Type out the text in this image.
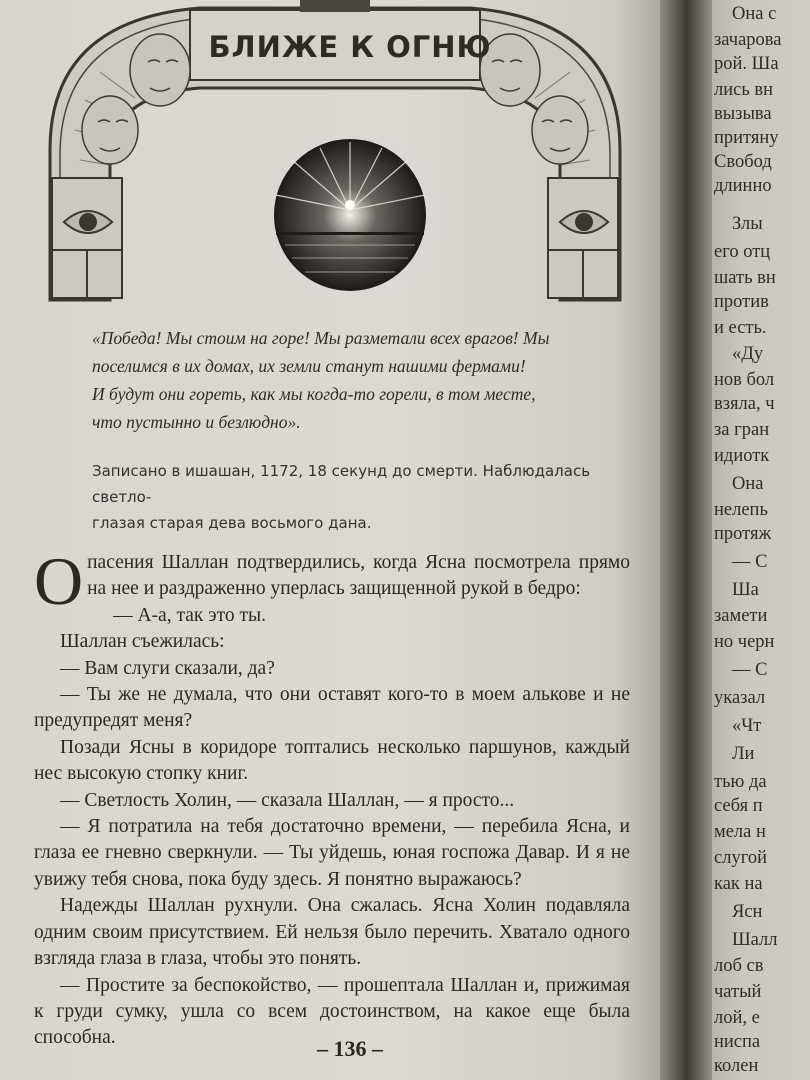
БЛИЖЕ К ОГНЮ
«Победа! Мы стоим на горе! Мы разметали всех врагов! Мы
поселимся в их домах, их земли станут нашими фермами!
И будут они гореть, как мы когда-то горели, в том месте,
что пустынно и безлюдно».
Записано в ишашан, 1172, 18 секунд до смерти. Наблюдалась светло-
глазая старая дева восьмого дана.

Опасения Шаллан подтвердились, когда Ясна посмотрела прямо на нее и раздраженно уперлась защищенной рукой в бедро:

— А-а, так это ты.

Шаллан съежилась:

— Вам слуги сказали, да?

— Ты же не думала, что они оставят кого-то в моем алькове и не предупредят меня?

Позади Ясны в коридоре топтались несколько паршунов, каждый нес высокую стопку книг.

— Светлость Холин, — сказала Шаллан, — я просто...

— Я потратила на тебя достаточно времени, — перебила Ясна, и глаза ее гневно сверкнули. — Ты уйдешь, юная госпожа Давар. И я не увижу тебя снова, пока буду здесь. Я понятно выражаюсь?

Надежды Шаллан рухнули. Она сжалась. Ясна Холин подавляла одним своим присутствием. Ей нельзя было перечить. Хватало одного взгляда глаза в глаза, чтобы это понять.

— Простите за беспокойство, — прошептала Шаллан и, прижимая к груди сумку, ушла со всем достоинством, на какое еще была способна.	– 136 –
Она с
зачарова
рой. Ша
лись вн
вызыва
притяну
Свобод
длинно
Злы
его отц
шать вн
против
и есть.
«Ду
нов бол
взяла, ч
за гран
идиотк
Она
нелепь
протяж
— С
Ша
замети
но черн
— С
указал
«Чт
Ли
тью да
себя п
мела н
слугой
как на
Ясн
Шалл
лоб св
чатый
лой, е
ниспа
колен
